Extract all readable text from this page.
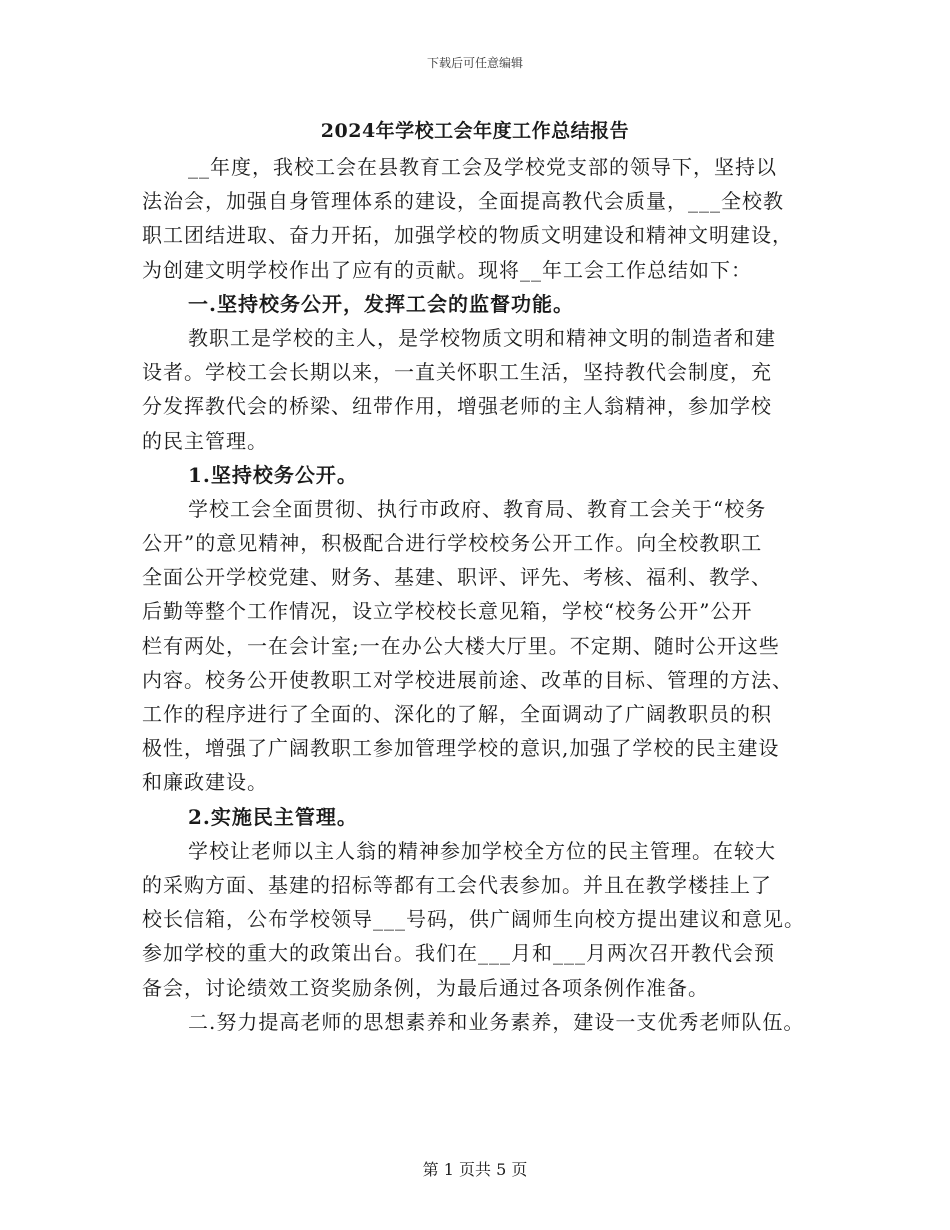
下载后可任意编辑
2024年学校工会年度工作总结报告
__年度，我校工会在县教育工会及学校党支部的领导下，坚持以
法治会，加强自身管理体系的建设，全面提高教代会质量，___全校教
职工团结进取、奋力开拓，加强学校的物质文明建设和精神文明建设，
为创建文明学校作出了应有的贡献。现将__年工会工作总结如下：
一.坚持校务公开，发挥工会的监督功能。
教职工是学校的主人，是学校物质文明和精神文明的制造者和建
设者。学校工会长期以来，一直关怀职工生活，坚持教代会制度，充
分发挥教代会的桥梁、纽带作用，增强老师的主人翁精神，参加学校
的民主管理。
1.坚持校务公开。
学校工会全面贯彻、执行市政府、教育局、教育工会关于“校务
公开”的意见精神，积极配合进行学校校务公开工作。向全校教职工
全面公开学校党建、财务、基建、职评、评先、考核、福利、教学、
后勤等整个工作情况，设立学校校长意见箱，学校“校务公开”公开
栏有两处，一在会计室;一在办公大楼大厅里。不定期、随时公开这些
内容。校务公开使教职工对学校进展前途、改革的目标、管理的方法、
工作的程序进行了全面的、深化的了解，全面调动了广阔教职员的积
极性，增强了广阔教职工参加管理学校的意识,加强了学校的民主建设
和廉政建设。
2.实施民主管理。
学校让老师以主人翁的精神参加学校全方位的民主管理。在较大
的采购方面、基建的招标等都有工会代表参加。并且在教学楼挂上了
校长信箱，公布学校领导___号码，供广阔师生向校方提出建议和意见。
参加学校的重大的政策出台。我们在___月和___月两次召开教代会预
备会，讨论绩效工资奖励条例，为最后通过各项条例作准备。
二.努力提高老师的思想素养和业务素养，建设一支优秀老师队伍。
第 1 页共 5 页
